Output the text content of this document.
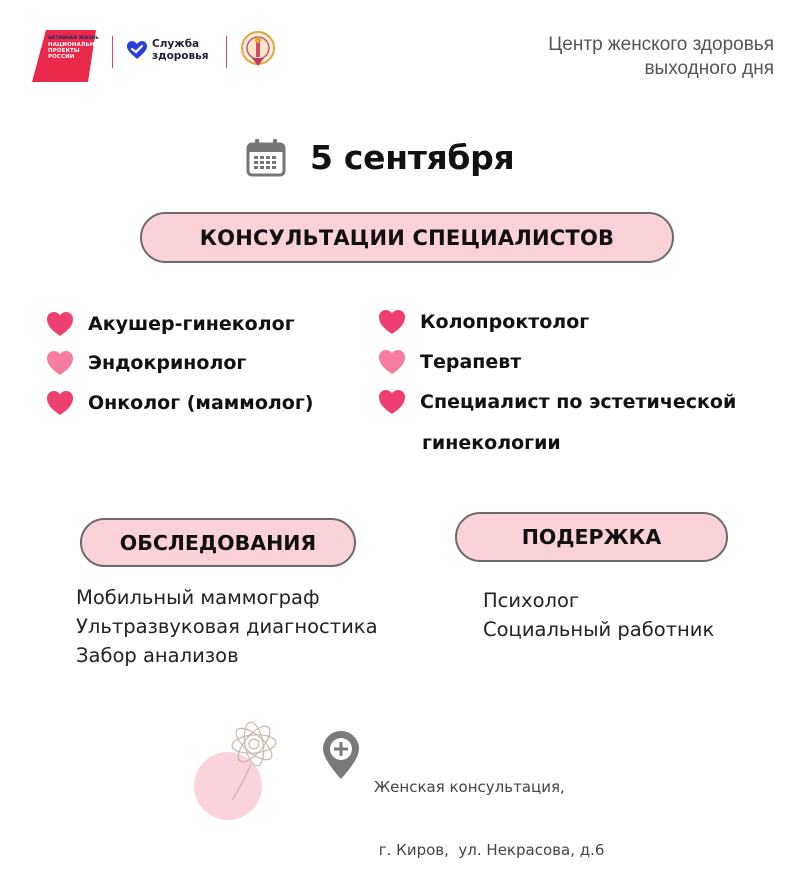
АКТИВНАЯ ЖИЗНЬ
НАЦИОНАЛЬНЫЕ
ПРОЕКТЫ
РОССИИ
Служба
здоровья
Центр женского здоровья
выходного дня
5 сентября
КОНСУЛЬТАЦИИ СПЕЦИАЛИСТОВ
Акушер-гинеколог
Эндокринолог
Онколог (маммолог)
Колопроктолог
Терапевт
Специалист по эстетической
гинекологии
ОБСЛЕДОВАНИЯ
Мобильный маммограф
Ультразвуковая диагностика
Забор анализов
ПОДЕРЖКА
Психолог
Социальный работник

Женская консультация,

г. Киров,  ул. Некрасова, д.6
